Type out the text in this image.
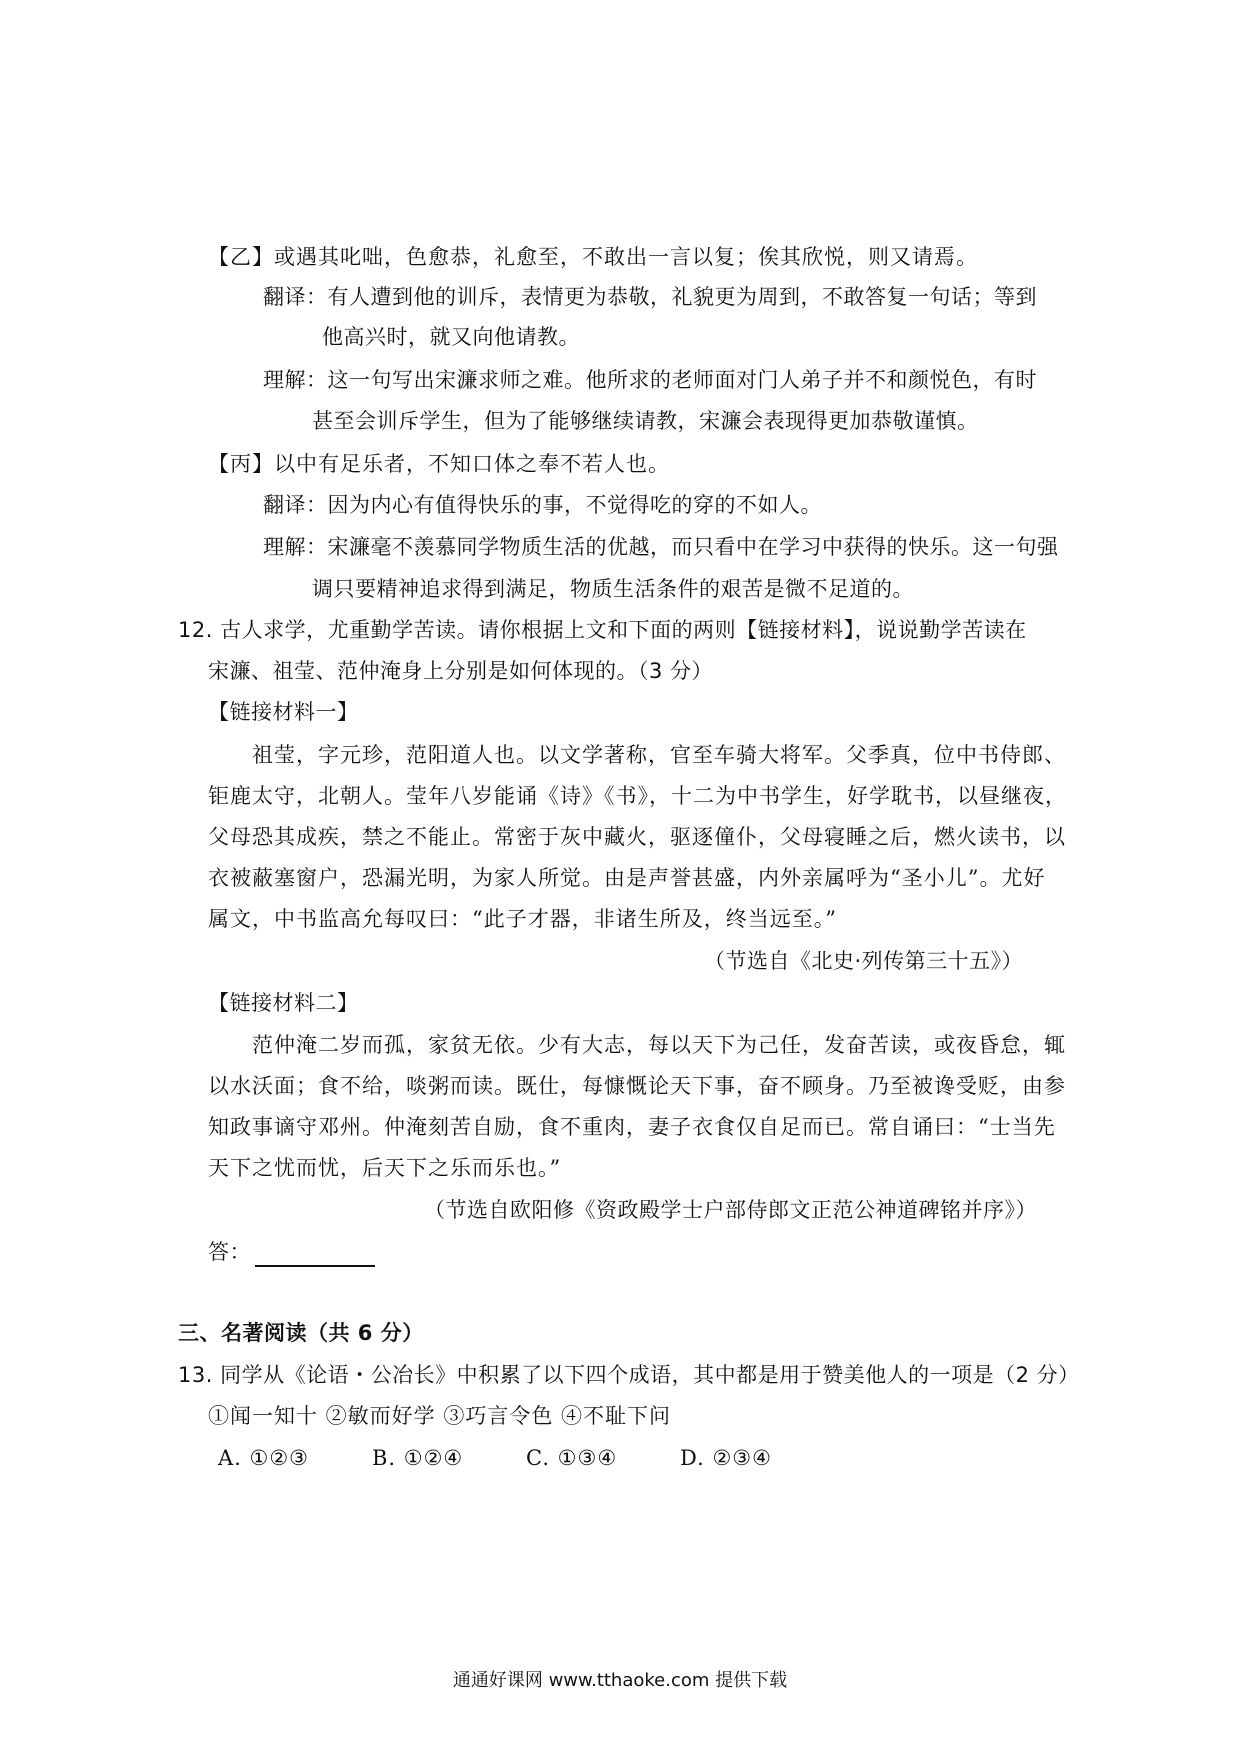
【乙】或遇其叱咄，色愈恭，礼愈至，不敢出一言以复；俟其欣悦，则又请焉。
翻译：有人遭到他的训斥，表情更为恭敬，礼貌更为周到，不敢答复一句话；等到
他高兴时，就又向他请教。
理解：这一句写出宋濂求师之难。他所求的老师面对门人弟子并不和颜悦色，有时
甚至会训斥学生，但为了能够继续请教，宋濂会表现得更加恭敬谨慎。
【丙】以中有足乐者，不知口体之奉不若人也。
翻译：因为内心有值得快乐的事，不觉得吃的穿的不如人。
理解：宋濂毫不羡慕同学物质生活的优越，而只看中在学习中获得的快乐。这一句强
调只要精神追求得到满足，物质生活条件的艰苦是微不足道的。
12. 古人求学，尤重勤学苦读。请你根据上文和下面的两则【链接材料】，说说勤学苦读在
宋濂、祖莹、范仲淹身上分别是如何体现的。（3 分）
【链接材料一】
祖莹，字元珍，范阳道人也。以文学著称，官至车骑大将军。父季真，位中书侍郎、
钜鹿太守，北朝人。莹年八岁能诵《诗》《书》，十二为中书学生，好学耽书，以昼继夜，
父母恐其成疾，禁之不能止。常密于灰中藏火，驱逐僮仆，父母寝睡之后，燃火读书，以
衣被蔽塞窗户，恐漏光明，为家人所觉。由是声誉甚盛，内外亲属呼为“圣小儿”。尤好
属文，中书监高允每叹曰：“此子才器，非诸生所及，终当远至。”
（节选自《北史·列传第三十五》）
【链接材料二】
范仲淹二岁而孤，家贫无依。少有大志，每以天下为己任，发奋苦读，或夜昏怠，辄
以水沃面；食不给，啖粥而读。既仕，每慷慨论天下事，奋不顾身。乃至被谗受贬，由参
知政事谪守邓州。仲淹刻苦自励，食不重肉，妻子衣食仅自足而已。常自诵曰：“士当先
天下之忧而忧，后天下之乐而乐也。”
（节选自欧阳修《资政殿学士户部侍郎文正范公神道碑铭并序》）
答：
三、名著阅读（共 6 分）
13. 同学从《论语・公冶长》中积累了以下四个成语，其中都是用于赞美他人的一项是（2 分）
①闻一知十 ②敏而好学 ③巧言令色 ④不耻下问
A. ①②③	B. ①②④	C. ①③④	D. ②③④
通通好课网 www.tthaoke.com 提供下载
